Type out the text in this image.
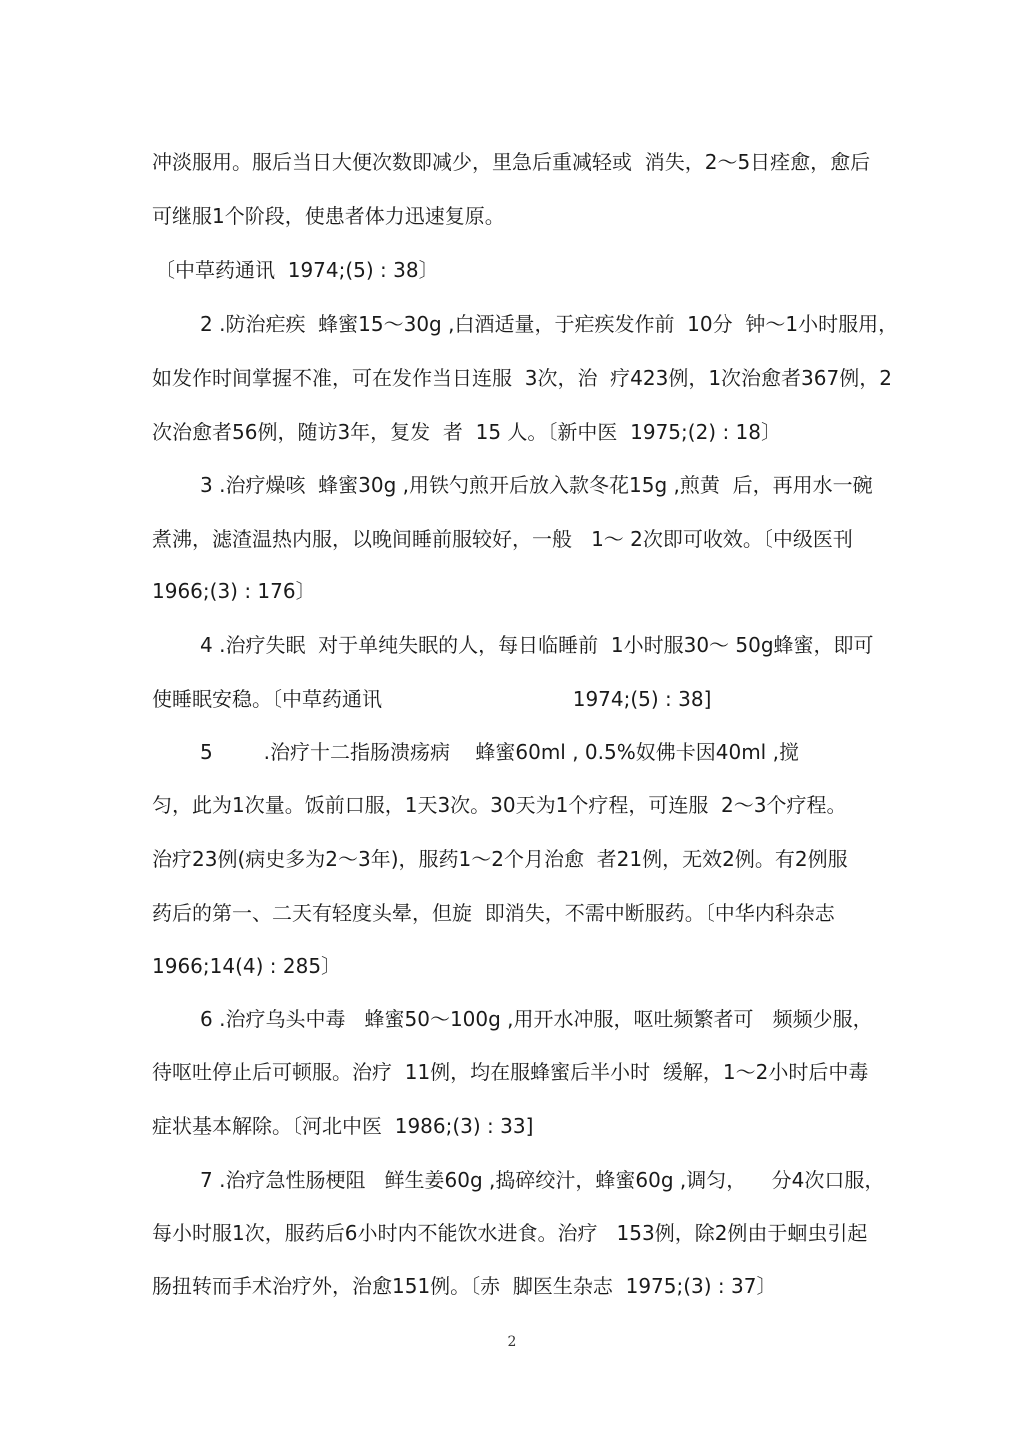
冲淡服用。服后当日大便次数即减少，里急后重减轻或  消失，2～5日痊愈，愈后
可继服1个阶段，使患者体力迅速复原。
〔中草药通讯  1974;(5) : 38〕
2 .防治疟疾  蜂蜜15～30g ,白酒适量，于疟疾发作前  10分  钟～1小时服用，
如发作时间掌握不准，可在发作当日连服  3次，治  疗423例，1次治愈者367例，2
次治愈者56例，随访3年，复发  者  15 人。〔新中医  1975;(2) : 18〕
3 .治疗燥咳  蜂蜜30g ,用铁勺煎开后放入款冬花15g ,煎黄  后，再用水一碗
煮沸，滤渣温热内服，以晚间睡前服较好，一般   1～ 2次即可收效。〔中级医刊
1966;(3) : 176〕
4 .治疗失眠  对于单纯失眠的人，每日临睡前  1小时服30～ 50g蜂蜜，即可
使睡眠安稳。〔中草药通讯                              1974;(5) : 38]
5        .治疗十二指肠溃疡病    蜂蜜60ml , 0.5%奴佛卡因40ml ,搅
匀，此为1次量。饭前口服，1天3次。30天为1个疗程，可连服  2～3个疗程。
治疗23例(病史多为2～3年)，服药1～2个月治愈  者21例，无效2例。有2例服
药后的第一、二天有轻度头晕，但旋  即消失，不需中断服药。〔中华内科杂志
1966;14(4) : 285〕
6 .治疗乌头中毒   蜂蜜50～100g ,用开水冲服，呕吐频繁者可   频频少服，
待呕吐停止后可顿服。治疗  11例，均在服蜂蜜后半小时  缓解，1～2小时后中毒
症状基本解除。〔河北中医  1986;(3) : 33]
7 .治疗急性肠梗阻   鲜生姜60g ,捣碎绞汁，蜂蜜60g ,调匀，    分4次口服，
每小时服1次，服药后6小时内不能饮水进食。治疗   153例，除2例由于蛔虫引起
肠扭转而手术治疗外，治愈151例。〔赤  脚医生杂志  1975;(3) : 37〕
2
